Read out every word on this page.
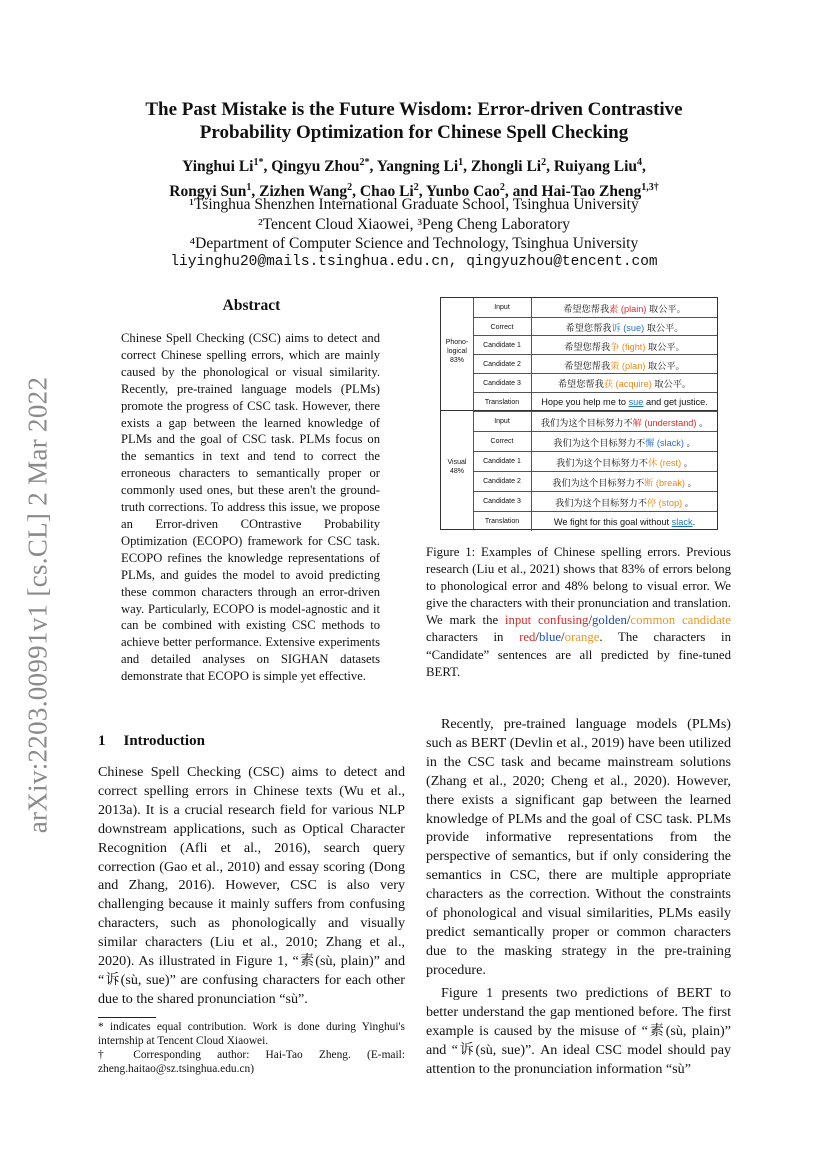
arXiv:2203.00991v1 [cs.CL] 2 Mar 2022
The Past Mistake is the Future Wisdom: Error-driven Contrastive
Probability Optimization for Chinese Spell Checking
Yinghui $Li^{1*}$, Qingyu Zhou$^{2*}$, Yangning Li$^1$, Zhongli Li$^2$, Ruiyang Liu$^4$,
Rongyi Sun$^1$, Zizhen Wang$^2$, Chao Li$^2$, Yunbo Cao$^2$, and Hai-Tao Zheng$^{1,3\dagger}$
¹Tsinghua Shenzhen International Graduate School, Tsinghua University
²Tencent Cloud Xiaowei, ³Peng Cheng Laboratory
⁴Department of Computer Science and Technology, Tsinghua University
liyinghu20@mails.tsinghua.edu.cn, qingyuzhou@tencent.com
Abstract
Chinese Spell Checking (CSC) aims to detect and correct Chinese spelling errors, which are mainly caused by the phonological or visual similarity. Recently, pre-trained language models (PLMs) promote the progress of CSC task. However, there exists a gap between the learned knowledge of PLMs and the goal of CSC task. PLMs focus on the semantics in text and tend to correct the erroneous characters to semantically proper or commonly used ones, but these aren't the ground-truth corrections. To address this issue, we propose an Error-driven COntrastive Probability Optimization (ECOPO) framework for CSC task. ECOPO refines the knowledge representations of PLMs, and guides the model to avoid predicting these common characters through an error-driven way. Particularly, ECOPO is model-agnostic and it can be combined with existing CSC methods to achieve better performance. Extensive experiments and detailed analyses on SIGHAN datasets demonstrate that ECOPO is simple yet effective.
1 Introduction
Chinese Spell Checking (CSC) aims to detect and correct spelling errors in Chinese texts (Wu et al., 2013a). It is a crucial research field for various NLP downstream applications, such as Optical Character Recognition (Afli et al., 2016), search query correction (Gao et al., 2010) and essay scoring (Dong and Zhang, 2016). However, CSC is also very challenging because it mainly suffers from confusing characters, such as phonologically and visually similar characters (Liu et al., 2010; Zhang et al., 2020). As illustrated in Figure 1, “素(sù, plain)” and “诉(sù, sue)” are confusing characters for each other due to the shared pronunciation “sù”.
* indicates equal contribution. Work is done during Yinghui's internship at Tencent Cloud Xiaowei.
† Corresponding author: Hai-Tao Zheng. (E-mail: zheng.haitao@sz.tsinghua.edu.cn)
Phono-logical 83%
Visual 48%
Input	希望您帮我素 (plain) 取公平。
Correct	希望您帮我诉 (sue) 取公平。
Candidate 1	希望您帮我争 (fight) 取公平。
Candidate 2	希望您帮我策 (plan) 取公平。
Candidate 3	希望您帮我获 (acquire) 取公平。
Translation	Hope you help me to sue and get justice.
Input	我们为这个目标努力不解 (understand) 。
Correct	我们为这个目标努力不懈 (slack) 。
Candidate 1	我们为这个目标努力不休 (rest) 。
Candidate 2	我们为这个目标努力不断 (break) 。
Candidate 3	我们为这个目标努力不停 (stop) 。
Translation	We fight for this goal without slack.
Figure 1: Examples of Chinese spelling errors. Previous research (Liu et al., 2021) shows that 83% of errors belong to phonological error and 48% belong to visual error. We give the characters with their pronunciation and translation. We mark the input confusing/golden/common candidate characters in red/blue/orange. The characters in “Candidate” sentences are all predicted by fine-tuned BERT.
Recently, pre-trained language models (PLMs) such as BERT (Devlin et al., 2019) have been utilized in the CSC task and became mainstream solutions (Zhang et al., 2020; Cheng et al., 2020). However, there exists a significant gap between the learned knowledge of PLMs and the goal of CSC task. PLMs provide informative representations from the perspective of semantics, but if only considering the semantics in CSC, there are multiple appropriate characters as the correction. Without the constraints of phonological and visual similarities, PLMs easily predict semantically proper or common characters due to the masking strategy in the pre-training procedure.
Figure 1 presents two predictions of BERT to better understand the gap mentioned before. The first example is caused by the misuse of “素(sù, plain)” and “诉(sù, sue)”. An ideal CSC model should pay attention to the pronunciation information “sù”
